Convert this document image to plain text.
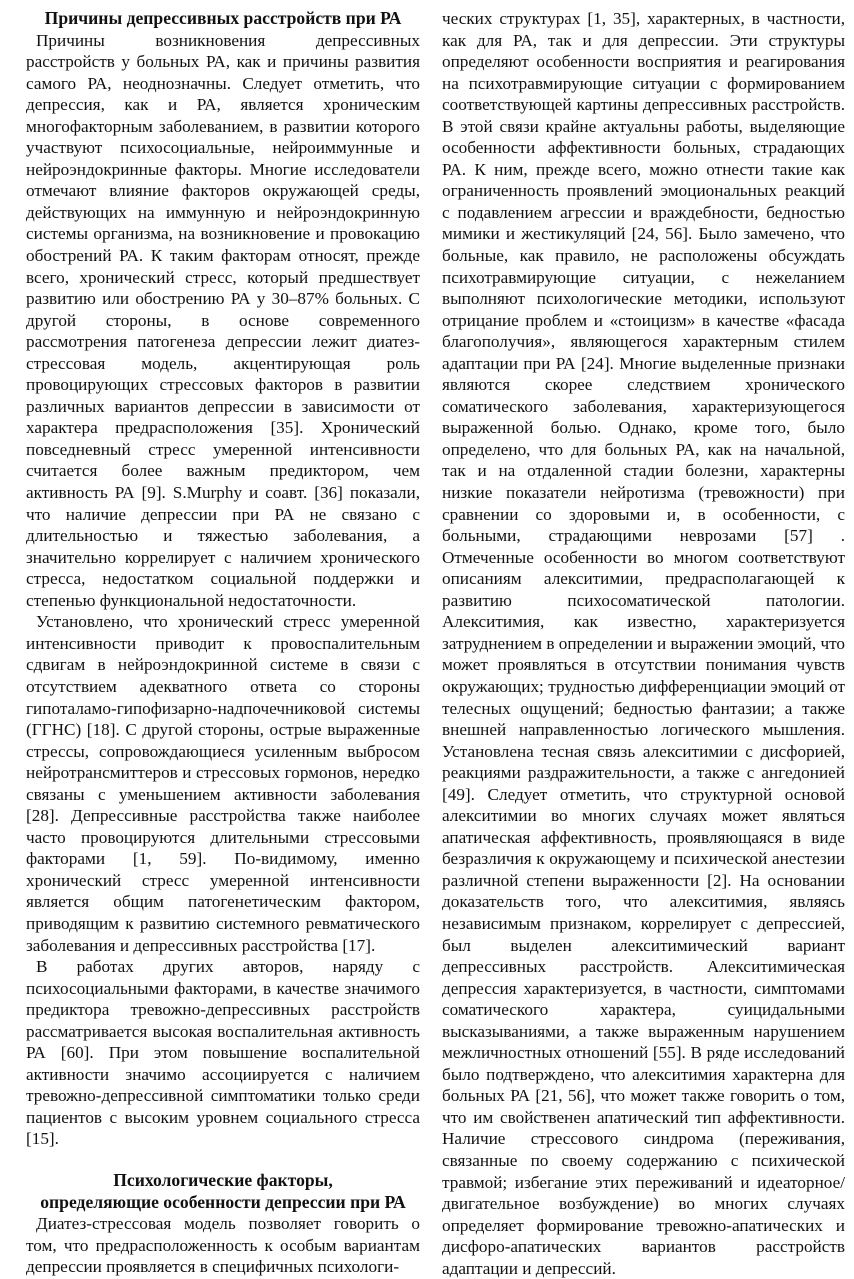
Причины депрессивных расстройств при РА

Причины возникновения депрессивных расстройств у больных РА, как и причины развития самого РА, неоднозначны. Следует отметить, что депрессия, как и РА, является хроническим многофакторным заболеванием, в развитии которого участвуют психосоциальные, нейроиммунные и нейроэндокринные факторы. Многие исследователи отмечают влияние факторов окружающей среды, действующих на иммунную и нейроэндокринную системы организма, на возникновение и провокацию обострений РА. К таким факторам относят, прежде всего, хронический стресс, который предшествует развитию или обострению РА у 30–87% больных. С другой стороны, в основе современного рассмотрения патогенеза депрессии лежит диатез-стрессовая модель, акцентирующая роль провоцирующих стрессовых факторов в развитии различных вариантов депрессии в зависимости от характера предрасположения [35]. Хронический повседневный стресс умеренной интенсивности считается более важным предиктором, чем активность РА [9]. S.Murphy и соавт. [36] показали, что наличие депрессии при РА не связано с длительностью и тяжестью заболевания, а значительно коррелирует с наличием хронического стресса, недостатком социальной поддержки и степенью функциональной недостаточности.

Установлено, что хронический стресс умеренной интенсивности приводит к провоспалительным сдвигам в нейроэндокринной системе в связи с отсутствием адекватного ответа со стороны гипоталамо-гипофизарно-надпочечниковой системы (ГГНС) [18]. С другой стороны, острые выраженные стрессы, сопровождающиеся усиленным выбросом нейротрансмиттеров и стрессовых гормонов, нередко связаны с уменьшением активности заболевания [28]. Депрессивные расстройства также наиболее часто провоцируются длительными стрессовыми факторами [1, 59]. По-видимому, именно хронический стресс умеренной интенсивности является общим патогенетическим фактором, приводящим к развитию системного ревматического заболевания и депрессивных расстройства [17].

В работах других авторов, наряду с психосоциальными факторами, в качестве значимого предиктора тревожно-депрессивных расстройств рассматривается высокая воспалительная активность РА [60]. При этом повышение воспалительной активности значимо ассоциируется с наличием тревожно-депрессивной симптоматики только среди пациентов с высоким уровнем социального стресса [15].

Психологические факторы,
определяющие особенности депрессии при РА

Диатез-стрессовая модель позволяет говорить о том, что предрасположенность к особым вариантам депрессии проявляется в специфичных психологи-

ческих структурах [1, 35], характерных, в частности, как для РА, так и для депрессии. Эти структуры определяют особенности восприятия и реагирования на психотравмирующие ситуации с формированием соответствующей картины депрессивных расстройств. В этой связи крайне актуальны работы, выделяющие особенности аффективности больных, страдающих РА. К ним, прежде всего, можно отнести такие как ограниченность проявлений эмоциональных реакций с подавлением агрессии и враждебности, бедностью мимики и жестикуляций [24, 56]. Было замечено, что больные, как правило, не расположены обсуждать психотравмирующие ситуации, с нежеланием выполняют психологические методики, используют отрицание проблем и «стоицизм» в качестве «фасада благополучия», являющегося характерным стилем адаптации при РА [24]. Многие выделенные признаки являются скорее следствием хронического соматического заболевания, характеризующегося выраженной болью. Однако, кроме того, было определено, что для больных РА, как на начальной, так и на отдаленной стадии болезни, характерны низкие показатели нейротизма (тревожности) при сравнении со здоровыми и, в особенности, с больными, страдающими неврозами [57] . Отмеченные особенности во многом соответствуют описаниям алекситимии, предрасполагающей к развитию психосоматической патологии. Алекситимия, как известно, характеризуется затруднением в определении и выражении эмоций, что может проявляться в отсутствии понимания чувств окружающих; трудностью дифференциации эмоций от телесных ощущений; бедностью фантазии; а также внешней направленностью логического мышления. Установлена тесная связь алекситимии с дисфорией, реакциями раздражительности, а также с ангедонией [49]. Следует отметить, что структурной основой алекситимии во многих случаях может являться апатическая аффективность, проявляющаяся в виде безразличия к окружающему и психической анестезии различной степени выраженности [2]. На основании доказательств того, что алекситимия, являясь независимым признаком, коррелирует с депрессией, был выделен алекситимический вариант депрессивных расстройств. Алекситимическая депрессия характеризуется, в частности, симптомами соматического характера, суицидальными высказываниями, а также выраженным нарушением межличностных отношений [55]. В ряде исследований было подтверждено, что алекситимия характерна для больных РА [21, 56], что может также говорить о том, что им свойственен апатический тип аффективности. Наличие стрессового синдрома (переживания, связанные по своему содержанию с психической травмой; избегание этих переживаний и идеаторное/двигательное возбуждение) во многих случаях определяет формирование тревожно-апатических и дисфоро-апатических вариантов расстройств адаптации и депрессий.
